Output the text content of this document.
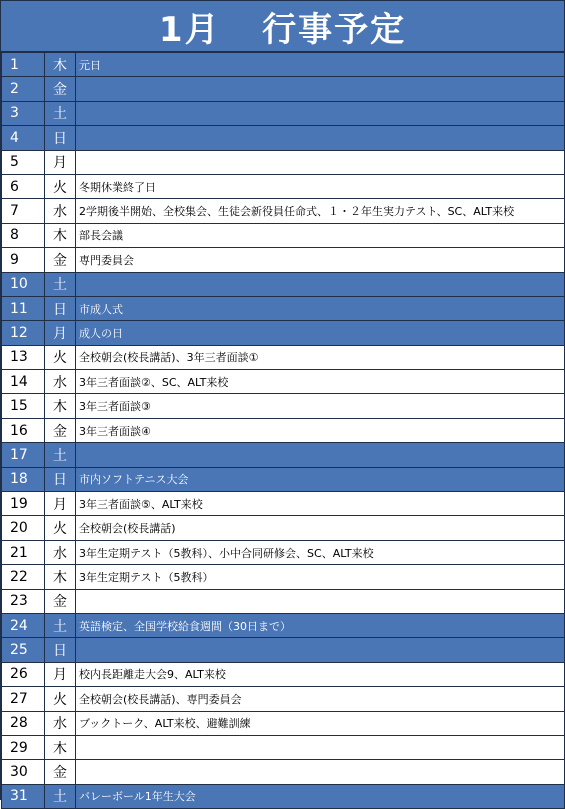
1月
行事予定
1	木	元日
2	金	
3	土	
4	日	
5	月	
6	火	冬期休業終了日
7	水	2学期後半開始、全校集会、生徒会新役員任命式、１・２年生実力テスト、SC、ALT来校
8	木	部長会議
9	金	専門委員会
10	土	
11	日	市成人式
12	月	成人の日
13	火	全校朝会(校長講話)、3年三者面談①
14	水	3年三者面談②、SC、ALT来校
15	木	3年三者面談③
16	金	3年三者面談④
17	土	
18	日	市内ソフトテニス大会
19	月	3年三者面談⑤、ALT来校
20	火	全校朝会(校長講話)
21	水	3年生定期テスト（5教科）、小中合同研修会、SC、ALT来校
22	木	3年生定期テスト（5教科）
23	金	
24	土	英語検定、全国学校給食週間（30日まで）
25	日	
26	月	校内長距離走大会9、ALT来校
27	火	全校朝会(校長講話)、専門委員会
28	水	ブックトーク、ALT来校、避難訓練
29	木	
30	金	
31	土	バレーボール1年生大会
